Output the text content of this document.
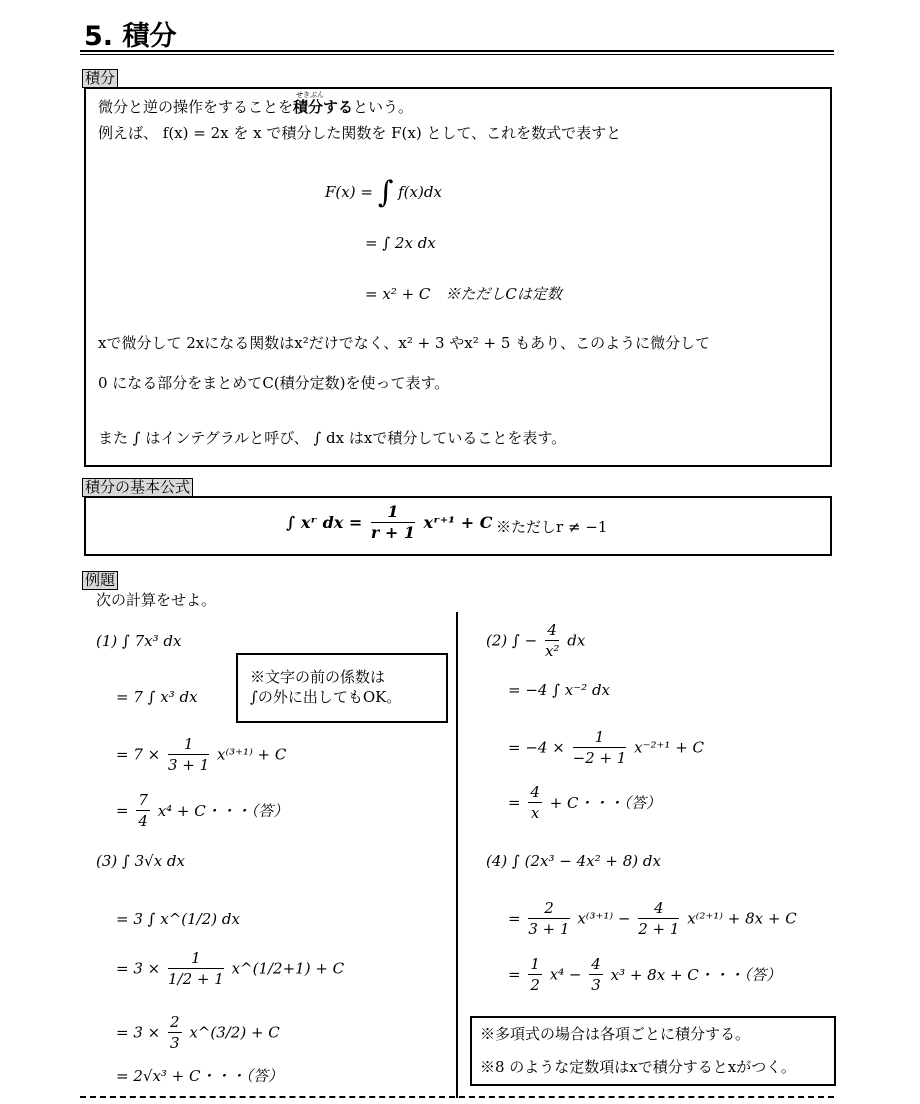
5. 積分
積分
微分と逆の操作をすることを
せきぶん
積分するという。
例えば、 f(x) = 2x を x で積分した関数を F(x) として、これを数式で表すと
F(x) = ∫ f(x)dx
= ∫ 2x dx
= x² + C　※ただしCは定数
xで微分して 2xになる関数はx²だけでなく、x² + 3 やx² + 5 もあり、このように微分して
0 になる部分をまとめてC(積分定数)を使って表す。
また ∫ はインテグラルと呼び、 ∫ dx はxで積分していることを表す。
積分の基本公式
∫ xʳ dx = $\frac{1}{r + 1}$ xʳ⁺¹ + C ※ただしr ≠ −1
例題
次の計算をせよ。
(1) ∫ 7x³ dx
= 7 ∫ x³ dx
= $7 \times \frac{1}{3 + 1} x^{(3+1)} + C$
= $\frac{7}{4} x^4 + C$・・・（答）
※文字の前の係数は
∫の外に出してもOK。
(2) ∫ − $\frac{4}{\text{x²}}$ dx
= −4 ∫ x⁻² dx
= $-4 \times \frac{1}{-2 + 1} x^{-2+1} + C$
= $\frac{4}{x} + C$・・・（答）
(3) ∫ 3√x dx
= 3 ∫ x^(1/2) dx
= $3 \times \frac{1}{1/2 + 1}$ x^(1/2+1) + C
= $3 \times \frac{2}{3}$ x^(3/2) + C
= 2√x³ + C・・・（答）
(4) ∫ (2x³ − 4x² + 8) dx
= $\frac{2}{3 + 1} x^{(3+1)} - \frac{4}{2 + 1} x^{(2+1)} + 8x + C$
= $\frac{1}{2} x^4 - \frac{4}{3} x^3 + 8x + C$・・・（答）
※多項式の場合は各項ごとに積分する。
※8 のような定数項はxで積分するとxがつく。
